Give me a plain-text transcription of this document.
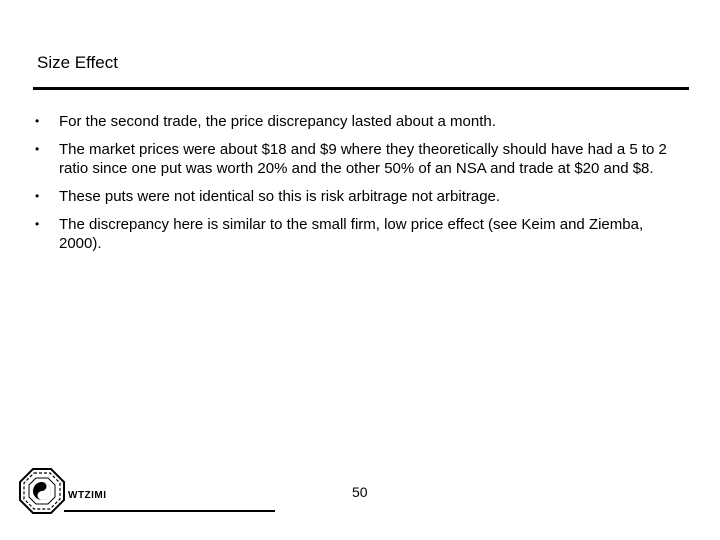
Size Effect
•	For the second trade, the price discrepancy lasted about a month.
•	The market prices were about $18 and $9 where they theoretically should have had a 5 to 2 ratio since one put was worth 20% and the other 50% of an NSA and trade at $20 and $8.
•	These puts were not identical so this is risk arbitrage not arbitrage.
•	The discrepancy here is similar to the small firm, low price effect (see Keim and Ziemba, 2000).
WTZIMI	50
